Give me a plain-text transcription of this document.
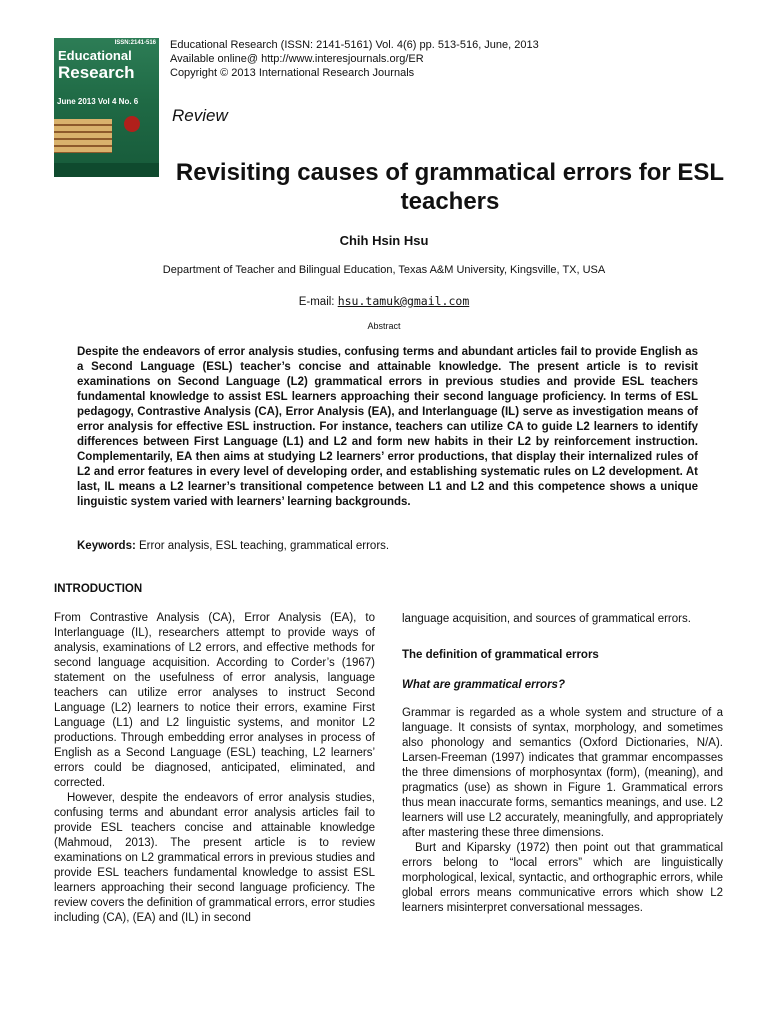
ISSN:2141-516
Educational
Research
June 2013 Vol 4 No. 6
Educational Research (ISSN: 2141-5161) Vol. 4(6) pp. 513-516, June, 2013
Available online@ http://www.interesjournals.org/ER
Copyright © 2013 International Research Journals
Review
Revisiting causes of grammatical errors for ESL teachers
Chih Hsin Hsu
Department of Teacher and Bilingual Education, Texas A&M University, Kingsville, TX, USA
E-mail: hsu.tamuk@gmail.com
Abstract
Despite the endeavors of error analysis studies, confusing terms and abundant articles fail to provide English as a Second Language (ESL) teacher’s concise and attainable knowledge. The present article is to revisit examinations on Second Language (L2) grammatical errors in previous studies and provide ESL teachers fundamental knowledge to assist ESL learners approaching their second language proficiency. In terms of ESL pedagogy, Contrastive Analysis (CA), Error Analysis (EA), and Interlanguage (IL) serve as investigation means of error analysis for effective ESL instruction. For instance, teachers can utilize CA to guide L2 learners to identify differences between First Language (L1) and L2 and form new habits in their L2 by reinforcement instruction. Complementarily, EA then aims at studying L2 learners’ error productions, that display their internalized rules of L2 and error features in every level of developing order, and establishing systematic rules on L2 development. At last, IL means a L2 learner’s transitional competence between L1 and L2 and this competence shows a unique linguistic system varied with learners’ learning backgrounds.
Keywords: Error analysis, ESL teaching, grammatical errors.
INTRODUCTION

From Contrastive Analysis (CA), Error Analysis (EA), to Interlanguage (IL), researchers attempt to provide ways of analysis, examinations of L2 errors, and effective methods for second language acquisition. According to Corder’s (1967) statement on the usefulness of error analysis, language teachers can utilize error analyses to instruct Second Language (L2) learners to notice their errors, examine First Language (L1) and L2 linguistic systems, and monitor L2 productions. Through embedding error analyses in process of English as a Second Language (ESL) teaching, L2 learners’ errors could be diagnosed, anticipated, eliminated, and corrected.

However, despite the endeavors of error analysis studies, confusing terms and abundant error analysis articles fail to provide ESL teachers concise and attainable knowledge (Mahmoud, 2013). The present article is to review examinations on L2 grammatical errors in previous studies and provide ESL teachers fundamental knowledge to assist ESL learners approaching their second language proficiency. The review covers the definition of grammatical errors, error studies including (CA), (EA) and (IL) in second

language acquisition, and sources of grammatical errors.

The definition of grammatical errors

What are grammatical errors?

Grammar is regarded as a whole system and structure of a language. It consists of syntax, morphology, and sometimes also phonology and semantics (Oxford Dictionaries, N/A). Larsen-Freeman (1997) indicates that grammar encompasses the three dimensions of morphosyntax (form), (meaning), and pragmatics (use) as shown in Figure 1. Grammatical errors thus mean inaccurate forms, semantics meanings, and use. L2 learners will use L2 accurately, meaningfully, and appropriately after mastering these three dimensions.

Burt and Kiparsky (1972) then point out that grammatical errors belong to “local errors” which are linguistically morphological, lexical, syntactic, and orthographic errors, while global errors means communicative errors which show L2 learners misinterpret conversational messages.
